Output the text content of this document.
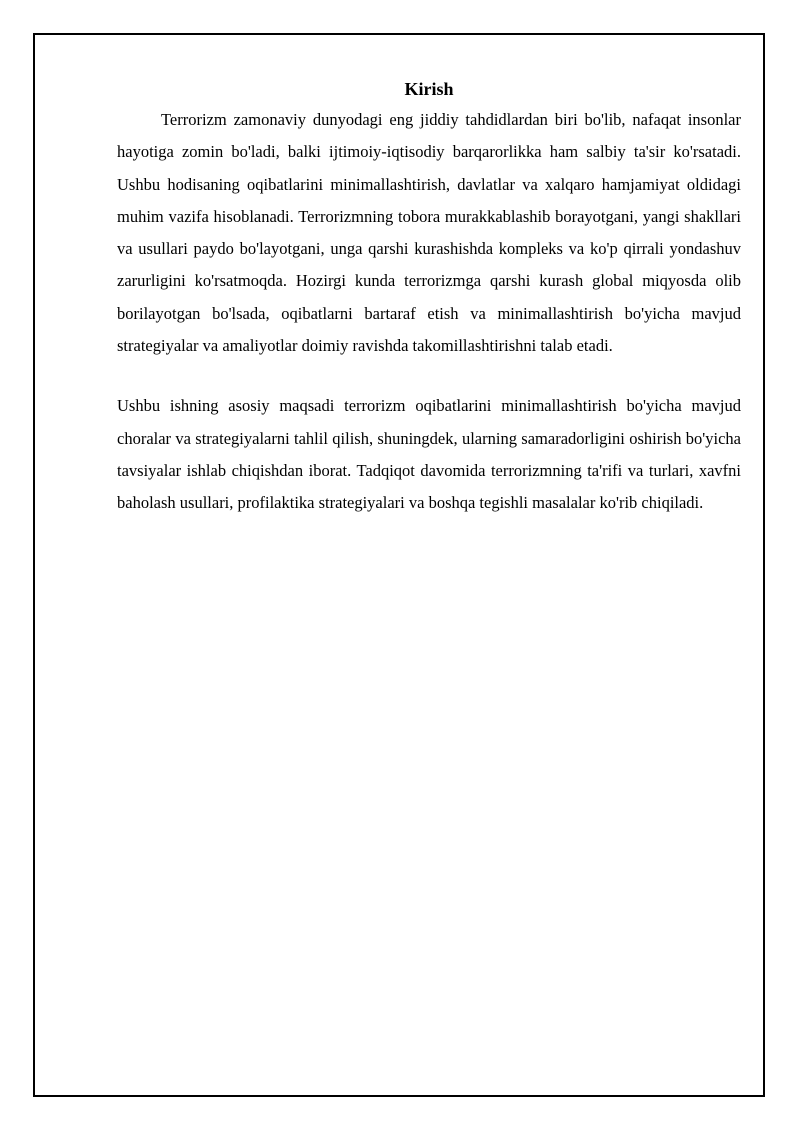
Kirish

Terrorizm zamonaviy dunyodagi eng jiddiy tahdidlardan biri bo'lib, nafaqat insonlar hayotiga zomin bo'ladi, balki ijtimoiy-iqtisodiy barqarorlikka ham salbiy ta'sir ko'rsatadi. Ushbu hodisaning oqibatlarini minimallashtirish, davlatlar va xalqaro hamjamiyat oldidagi muhim vazifa hisoblanadi. Terrorizmning tobora murakkablashib borayotgani, yangi shakllari va usullari paydo bo'layotgani, unga qarshi kurashishda kompleks va ko'p qirrali yondashuv zarurligini ko'rsatmoqda. Hozirgi kunda terrorizmga qarshi kurash global miqyosda olib borilayotgan bo'lsada, oqibatlarni bartaraf etish va minimallashtirish bo'yicha mavjud strategiyalar va amaliyotlar doimiy ravishda takomillashtirishni talab etadi.

Ushbu ishning asosiy maqsadi terrorizm oqibatlarini minimallashtirish bo'yicha mavjud choralar va strategiyalarni tahlil qilish, shuningdek, ularning samaradorligini oshirish bo'yicha tavsiyalar ishlab chiqishdan iborat. Tadqiqot davomida terrorizmning ta'rifi va turlari, xavfni baholash usullari, profilaktika strategiyalari va boshqa tegishli masalalar ko'rib chiqiladi.
